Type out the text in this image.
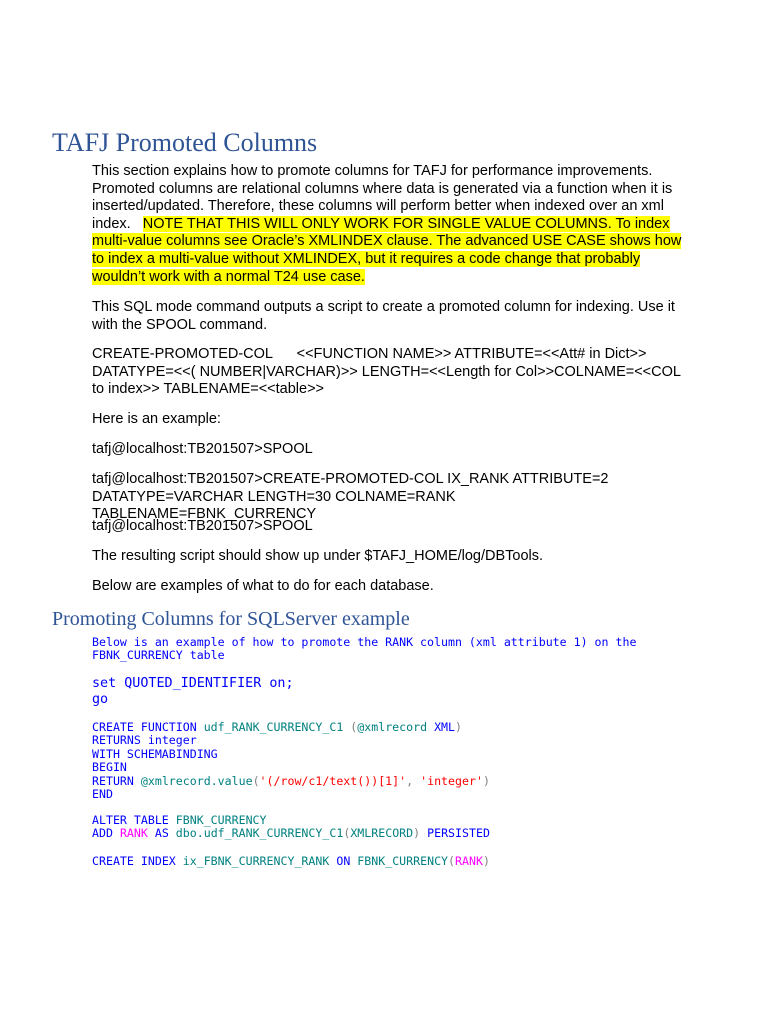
TAFJ Promoted Columns

This section explains how to promote columns for TAFJ for performance improvements. Promoted columns are relational columns where data is generated via a function when it is inserted/updated. Therefore, these columns will perform better when indexed over an xml index. NOTE THAT THIS WILL ONLY WORK FOR SINGLE VALUE COLUMNS. To index multi-value columns see Oracle’s XMLINDEX clause. The advanced USE CASE shows how to index a multi-value without XMLINDEX, but it requires a code change that probably wouldn’t work with a normal T24 use case.

This SQL mode command outputs a script to create a promoted column for indexing. Use it with the SPOOL command.

CREATE-PROMOTED-COL      <<FUNCTION NAME>> ATTRIBUTE=<<Att# in Dict>> DATATYPE=<<( NUMBER|VARCHAR)>> LENGTH=<<Length for Col>>COLNAME=<<COL to index>> TABLENAME=<<table>>

Here is an example:

tafj@localhost:TB201507>SPOOL

tafj@localhost:TB201507>CREATE-PROMOTED-COL IX_RANK ATTRIBUTE=2 DATATYPE=VARCHAR LENGTH=30 COLNAME=RANK TABLENAME=FBNK_CURRENCY

tafj@localhost:TB201507>SPOOL

The resulting script should show up under $TAFJ_HOME/log/DBTools.

Below are examples of what to do for each database.

Promoting Columns for SQLServer example
Below is an example of how to promote the RANK column (xml attribute 1) on the
FBNK_CURRENCY table
set QUOTED_IDENTIFIER on;
go
CREATE FUNCTION udf_RANK_CURRENCY_C1 (@xmlrecord XML)
RETURNS integer
WITH SCHEMABINDING
BEGIN
RETURN @xmlrecord.value('(/row/c1/text())[1]', 'integer')
END
ALTER TABLE FBNK_CURRENCY
ADD RANK AS dbo.udf_RANK_CURRENCY_C1(XMLRECORD) PERSISTED
CREATE INDEX ix_FBNK_CURRENCY_RANK ON FBNK_CURRENCY(RANK)
